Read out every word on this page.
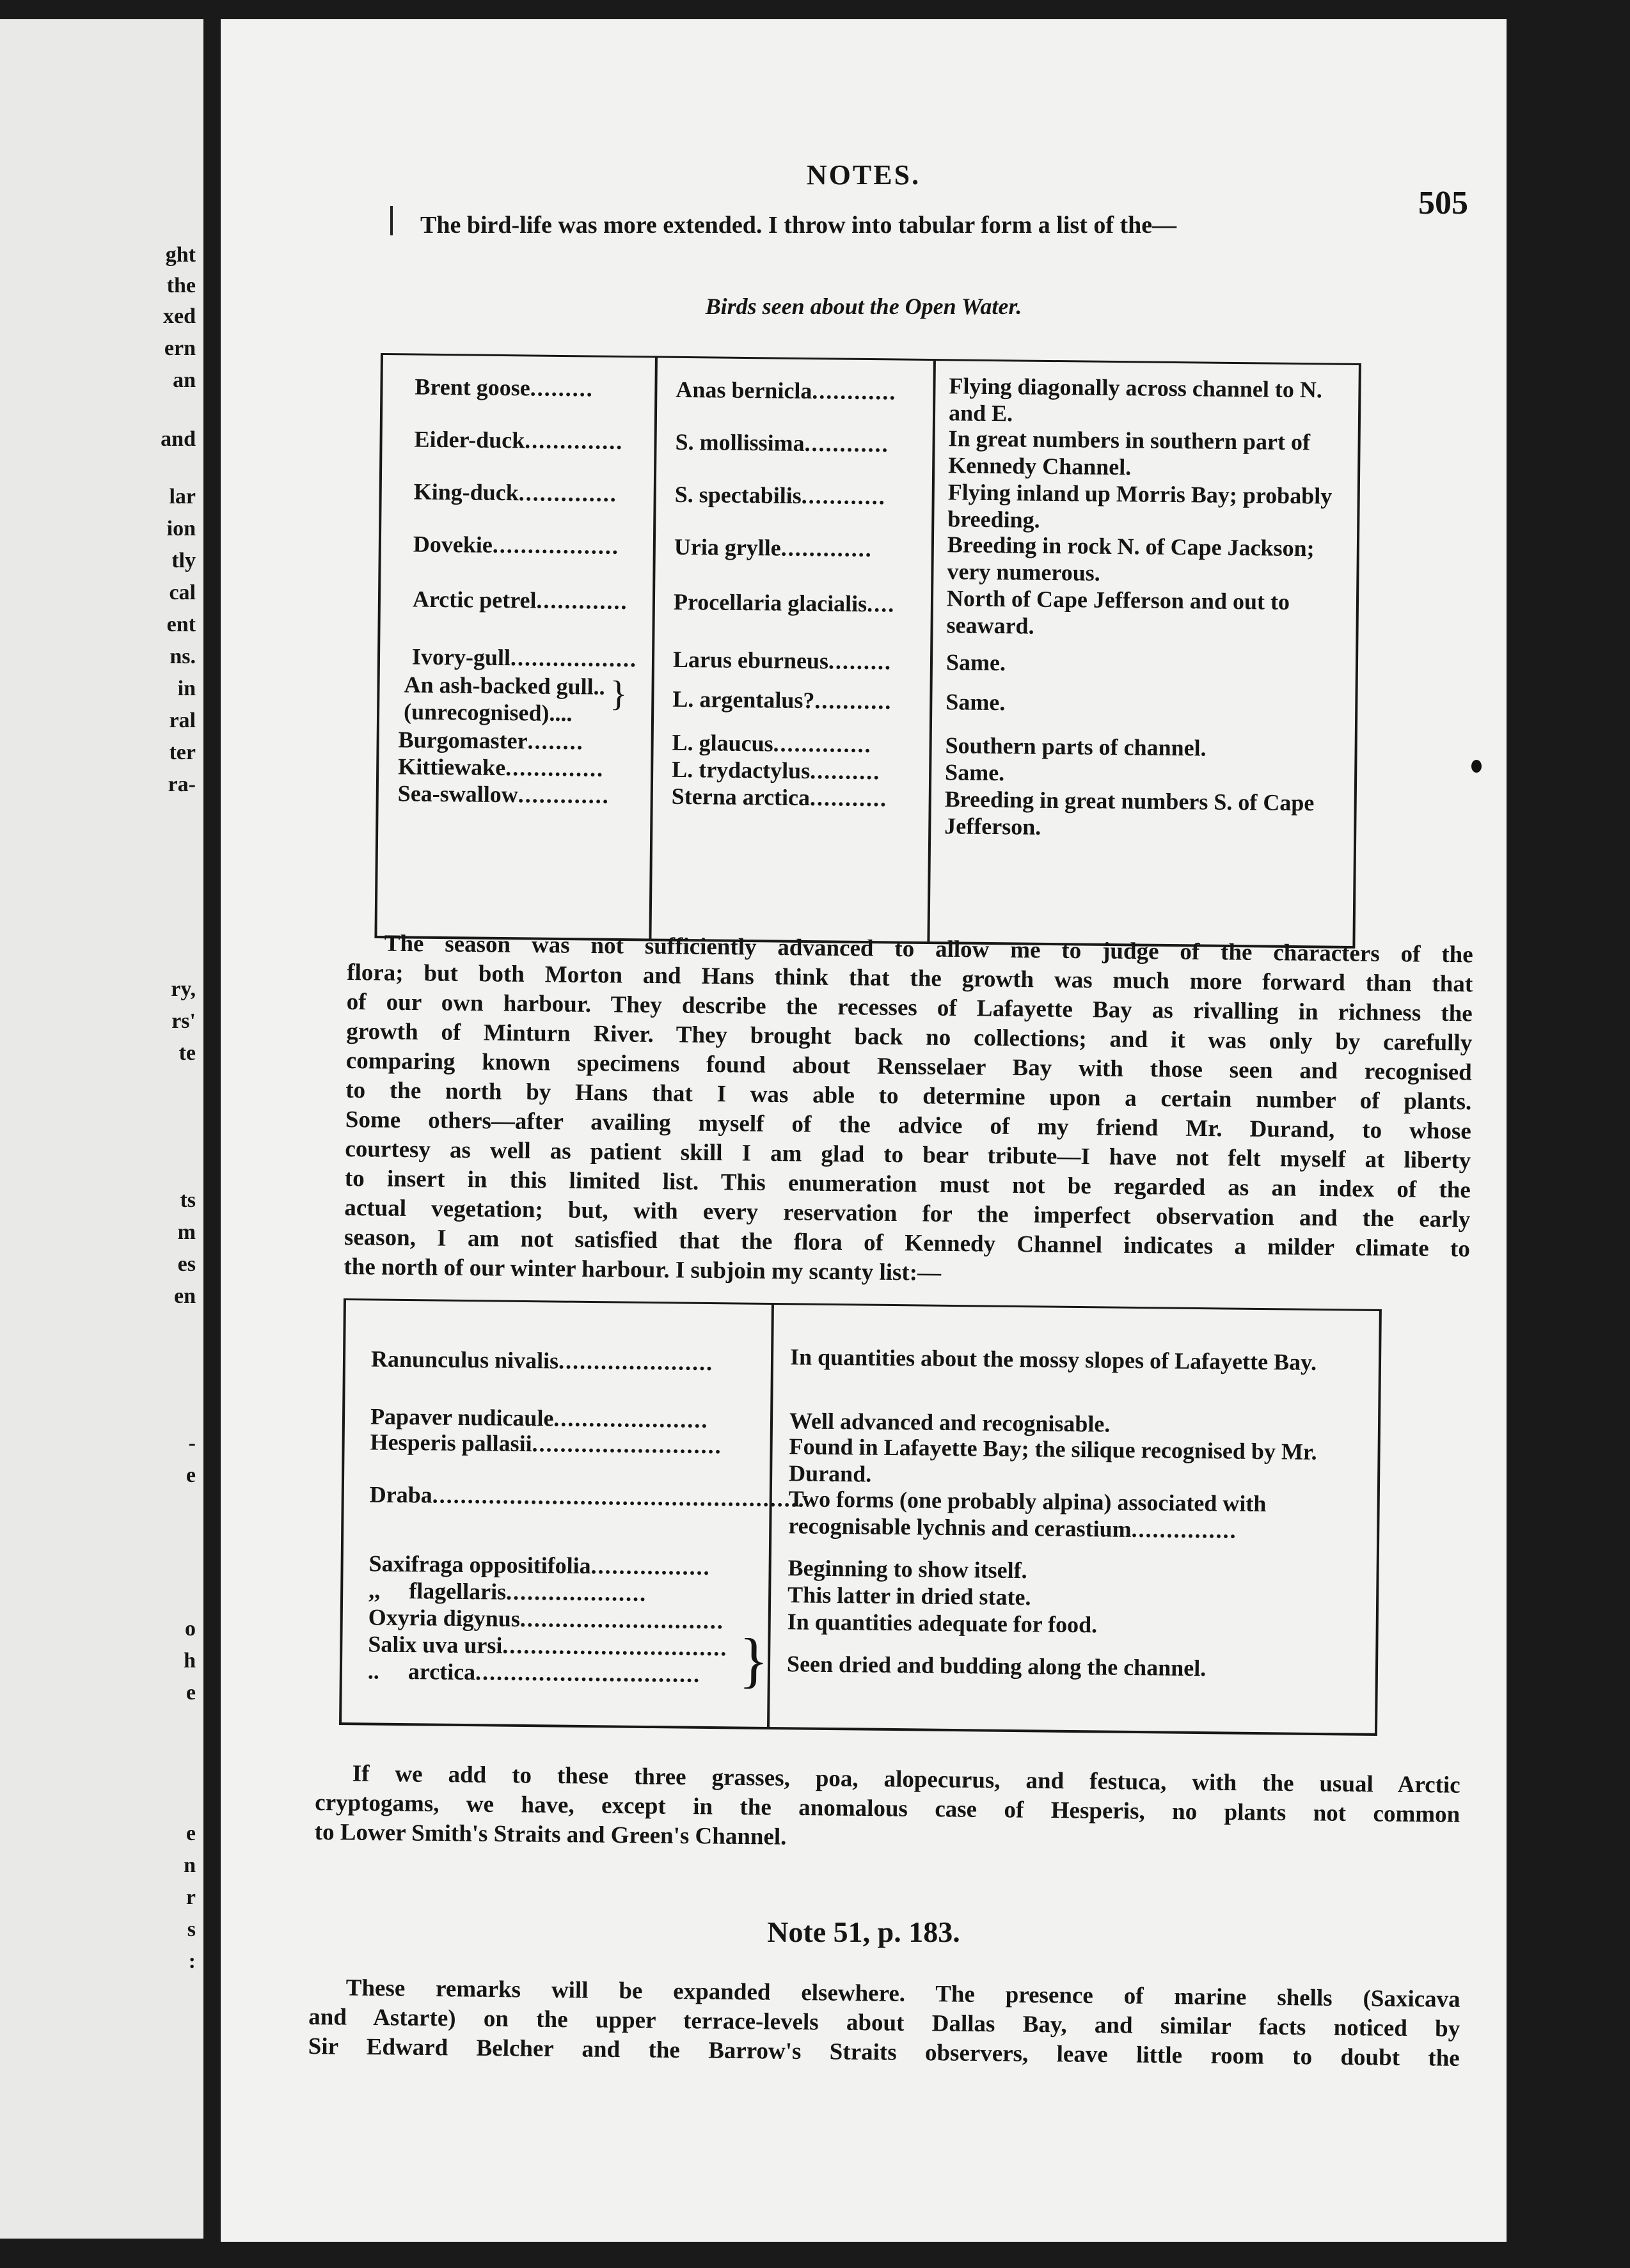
ght
the
xed
ern
an
and
lar
ion
tly
cal
ent
ns.
in
ral
ter
ra-
ry,
rs'
te
ts
m
es
en
-
e
o
h
e
e
n
r
s
:
NOTES.
505
The bird-life was more extended. I throw into tabular form a list of the—
Birds seen about the Open Water.
Brent goose.........
Eider-duck..............
King-duck..............
Dovekie..................
Arctic petrel.............
Ivory-gull..................
An ash-backed gull.. (unrecognised)....	}
Burgomaster........
Kittiewake..............
Sea-swallow.............
Anas bernicla............
S. mollissima............
S. spectabilis............
Uria grylle.............
Procellaria glacialis....
Larus eburneus.........
L. argentalus?...........
L. glaucus..............
L. trydactylus..........
Sterna arctica...........
Flying diagonally across channel to N. and E.
In great numbers in southern part of Kennedy Channel.
Flying inland up Morris Bay; probably breeding.
Breeding in rock N. of Cape Jackson; very numerous.
North of Cape Jefferson and out to seaward.
Same.
Same.
Southern parts of channel.
Same.
Breeding in great numbers S. of Cape Jefferson.
The season was not sufficiently advanced to allow me to judge of the characters of the
flora; but both Morton and Hans think that the growth was much more forward than that
of our own harbour. They describe the recesses of Lafayette Bay as rivalling in richness the
growth of Minturn River. They brought back no collections; and it was only by carefully
comparing known specimens found about Rensselaer Bay with those seen and recognised
to the north by Hans that I was able to determine upon a certain number of plants.
Some others—after availing myself of the advice of my friend Mr. Durand, to whose
courtesy as well as patient skill I am glad to bear tribute—I have not felt myself at liberty
to insert in this limited list. This enumeration must not be regarded as an index of the
actual vegetation; but, with every reservation for the imperfect observation and the early
season, I am not satisfied that the flora of Kennedy Channel indicates a milder climate to
the north of our winter harbour. I subjoin my scanty list:—
Ranunculus nivalis......................
Papaver nudicaule......................
Hesperis pallasii...........................
Draba.....................................................
Saxifraga oppositifolia.................
,,     flagellaris....................
Oxyria digynus.............................
Salix uva ursi................................
..     arctica................................ }
In quantities about the mossy slopes of Lafayette Bay.
Well advanced and recognisable.
Found in Lafayette Bay; the silique recognised by Mr. Durand.
Two forms (one probably alpina) associated with recognisable lychnis and cerastium...............
Beginning to show itself.
This latter in dried state.
In quantities adequate for food.
Seen dried and budding along the channel.
If we add to these three grasses, poa, alopecurus, and festuca, with the usual Arctic
cryptogams, we have, except in the anomalous case of Hesperis, no plants not common
to Lower Smith's Straits and Green's Channel.
Note 51, p. 183.
These remarks will be expanded elsewhere. The presence of marine shells (Saxicava
and Astarte) on the upper terrace-levels about Dallas Bay, and similar facts noticed by
Sir Edward Belcher and the Barrow's Straits observers, leave little room to doubt the
